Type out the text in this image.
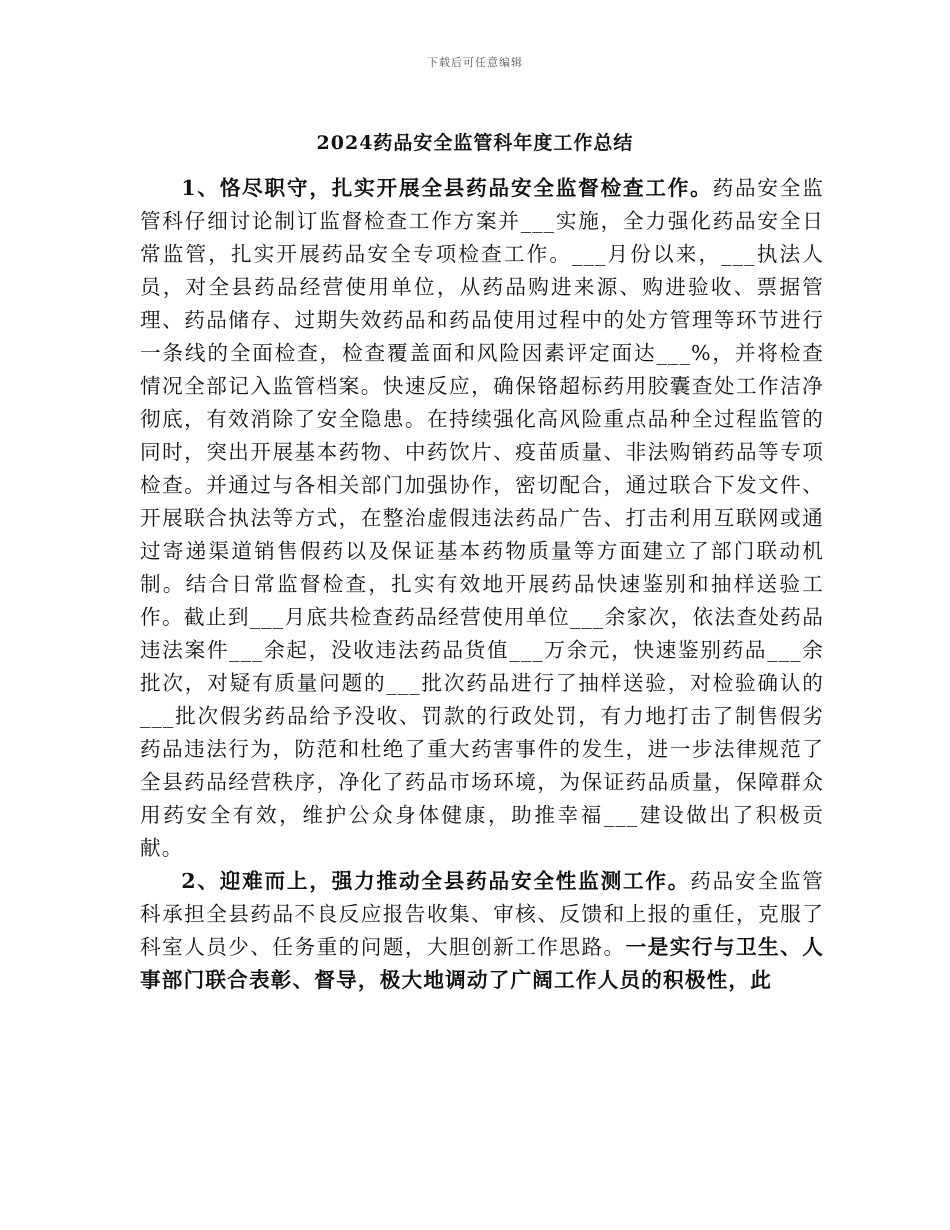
下载后可任意编辑
2024药品安全监管科年度工作总结

1、恪尽职守，扎实开展全县药品安全监督检查工作。药品安全监管科仔细讨论制订监督检查工作方案并___实施，全力强化药品安全日常监管，扎实开展药品安全专项检查工作。___月份以来，___执法人员，对全县药品经营使用单位，从药品购进来源、购进验收、票据管理、药品储存、过期失效药品和药品使用过程中的处方管理等环节进行一条线的全面检查，检查覆盖面和风险因素评定面达___%，并将检查情况全部记入监管档案。快速反应，确保铬超标药用胶囊查处工作洁净彻底，有效消除了安全隐患。在持续强化高风险重点品种全过程监管的同时，突出开展基本药物、中药饮片、疫苗质量、非法购销药品等专项检查。并通过与各相关部门加强协作，密切配合，通过联合下发文件、开展联合执法等方式，在整治虚假违法药品广告、打击利用互联网或通过寄递渠道销售假药以及保证基本药物质量等方面建立了部门联动机制。结合日常监督检查，扎实有效地开展药品快速鉴别和抽样送验工作。截止到___月底共检查药品经营使用单位___余家次，依法查处药品违法案件___余起，没收违法药品货值___万余元，快速鉴别药品___余批次，对疑有质量问题的___批次药品进行了抽样送验，对检验确认的___批次假劣药品给予没收、罚款的行政处罚，有力地打击了制售假劣药品违法行为，防范和杜绝了重大药害事件的发生，进一步法律规范了全县药品经营秩序，净化了药品市场环境，为保证药品质量，保障群众用药安全有效，维护公众身体健康，助推幸福___建设做出了积极贡献。

2、迎难而上，强力推动全县药品安全性监测工作。药品安全监管科承担全县药品不良反应报告收集、审核、反馈和上报的重任，克服了科室人员少、任务重的问题，大胆创新工作思路。一是实行与卫生、人事部门联合表彰、督导，极大地调动了广阔工作人员的积极性，此
